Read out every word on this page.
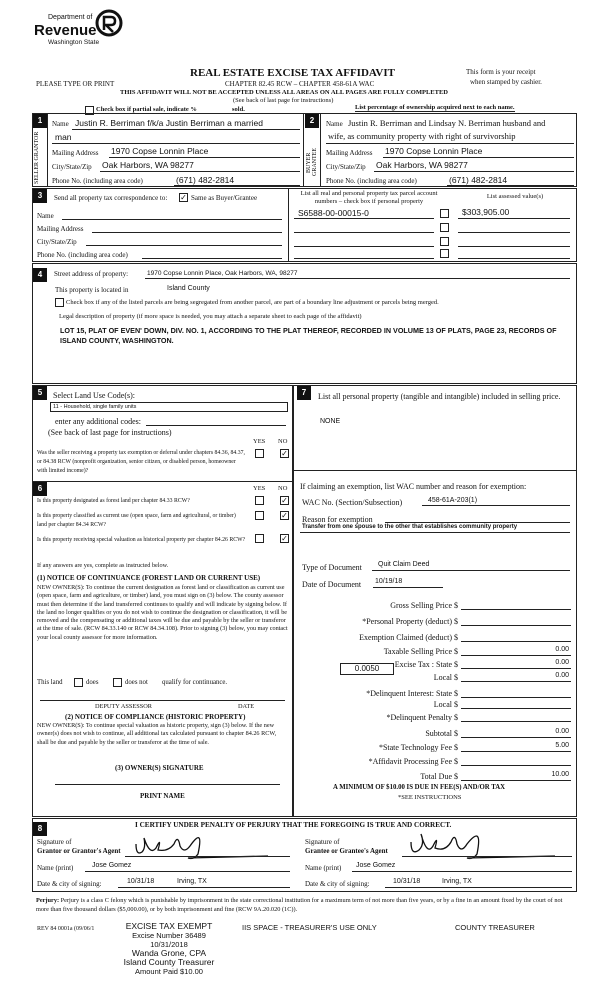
Department of
Revenue
Washington State
PLEASE TYPE OR PRINT
REAL ESTATE EXCISE TAX AFFIDAVIT
CHAPTER 82.45 RCW – CHAPTER 458-61A WAC
THIS AFFIDAVIT WILL NOT BE ACCEPTED UNLESS ALL AREAS ON ALL PAGES ARE FULLY COMPLETED
This form is your receipt
when stamped by cashier.
(See back of last page for instructions)
Check box if partial sale, indicate %	sold.	List percentage of ownership acquired next to each name.
1
SELLER GRANTOR
Name Justin R. Berriman f/k/a Justin Berriman a married
man
Mailing Address 1970 Copse Lonnin Place
City/State/Zip Oak Harbors, WA 98277
Phone No. (including area code)	(671) 482-2814
2
BUYER GRANTEE
Name Justin R. Berriman and Lindsay N. Berriman husband and
wife, as community property with right of survivorship
Mailing Address 1970 Copse Lonnin Place
City/State/Zip Oak Harbors, WA 98277
Phone No. (including area code)	(671) 482-2814
3	Send all property tax correspondence to: ✓ Same as Buyer/Grantee
Name
Mailing Address
City/State/Zip
Phone No. (including area code)
List all real and personal property tax parcel account numbers – check box if personal property
List assessed value(s)
S6588-00-00015-0	$303,905.00
4	Street address of property:	1970 Copse Lonnin Place, Oak Harbors, WA, 98277
This property is located in	Island County
Check box if any of the listed parcels are being segregated from another parcel, are part of a boundary line adjustment or parcels being merged.
Legal description of property (if more space is needed, you may attach a separate sheet to each page of the affidavit)
LOT 15, PLAT OF EVEN' DOWN, DIV. NO. 1, ACCORDING TO THE PLAT THEREOF, RECORDED IN VOLUME 13 OF PLATS, PAGE 23, RECORDS OF ISLAND COUNTY, WASHINGTON.
5	Select Land Use Code(s):
11 - Household, single family units
enter any additional codes:
(See back of last page for instructions)
YES NO
Was the seller receiving a property tax exemption or deferral under chapters 84.36, 84.37, or 84.38 RCW (nonprofit organization, senior citizen, or disabled person, homeowner with limited income)?
✓
6	YES NO
Is this property designated as forest land per chapter 84.33 RCW?	✓
Is this property classified as current use (open space, farm and agricultural, or timber) land per chapter 84.34 RCW?
✓
Is this property receiving special valuation as historical property per chapter 84.26 RCW?	✓
If any answers are yes, complete as instructed below.
(1) NOTICE OF CONTINUANCE (FOREST LAND OR CURRENT USE)
NEW OWNER(S): To continue the current designation as forest land or classification as current use (open space, farm and agriculture, or timber) land, you must sign on (3) below. The county assessor must then determine if the land transferred continues to qualify and will indicate by signing below. If the land no longer qualifies or you do not wish to continue the designation or classification, it will be removed and the compensating or additional taxes will be due and payable by the seller or transferor at the time of sale. (RCW 84.33.140 or RCW 84.34.108). Prior to signing (3) below, you may contact your local county assessor for more information.
This land	does	does not qualify for continuance.
DEPUTY ASSESSOR	DATE
(2) NOTICE OF COMPLIANCE (HISTORIC PROPERTY)
NEW OWNER(S): To continue special valuation as historic property, sign (3) below. If the new owner(s) does not wish to continue, all additional tax calculated pursuant to chapter 84.26 RCW, shall be due and payable by the seller or transferor at the time of sale.
(3) OWNER(S) SIGNATURE
PRINT NAME
7	List all personal property (tangible and intangible) included in selling price.
NONE
If claiming an exemption, list WAC number and reason for exemption:
WAC No. (Section/Subsection)	458-61A-203(1)
Reason for exemption
Transfer from one spouse to the other that establishes community property
Type of Document Quit Claim Deed
Date of Document 10/19/18
Gross Selling Price $
*Personal Property (deduct) $
Exemption Claimed (deduct) $
Taxable Selling Price $	0.00
Excise Tax : State $	0.00
Local $	0.00
*Delinquent Interest: State $
Local $
*Delinquent Penalty $
Subtotal $	0.00
*State Technology Fee $	5.00
*Affidavit Processing Fee $
Total Due $	10.00
0.0050
A MINIMUM OF $10.00 IS DUE IN FEE(S) AND/OR TAX
*SEE INSTRUCTIONS
8	I CERTIFY UNDER PENALTY OF PERJURY THAT THE FOREGOING IS TRUE AND CORRECT.
Signature of
Grantor or Grantor's Agent
Name (print)	Jose Gomez
Date & city of signing:	10/31/18	Irving, TX
Signature of
Grantee or Grantee's Agent
Name (print) Jose Gomez
Date & city of signing:	10/31/18	Irving, TX
Perjury: Perjury is a class C felony which is punishable by imprisonment in the state correctional institution for a maximum term of not more than five years, or by a fine in an amount fixed by the court of not more than five thousand dollars ($5,000.00), or by both imprisonment and fine (RCW 9A.20.020 (1C)).
REV 84 0001a (09/06/1	EXCISE TAX EXEMPT
Excise Number 36489
10/31/2018
Wanda Grone, CPA
Island County Treasurer
Amount Paid $10.00
IIS SPACE - TREASURER'S USE ONLY	COUNTY TREASURER
